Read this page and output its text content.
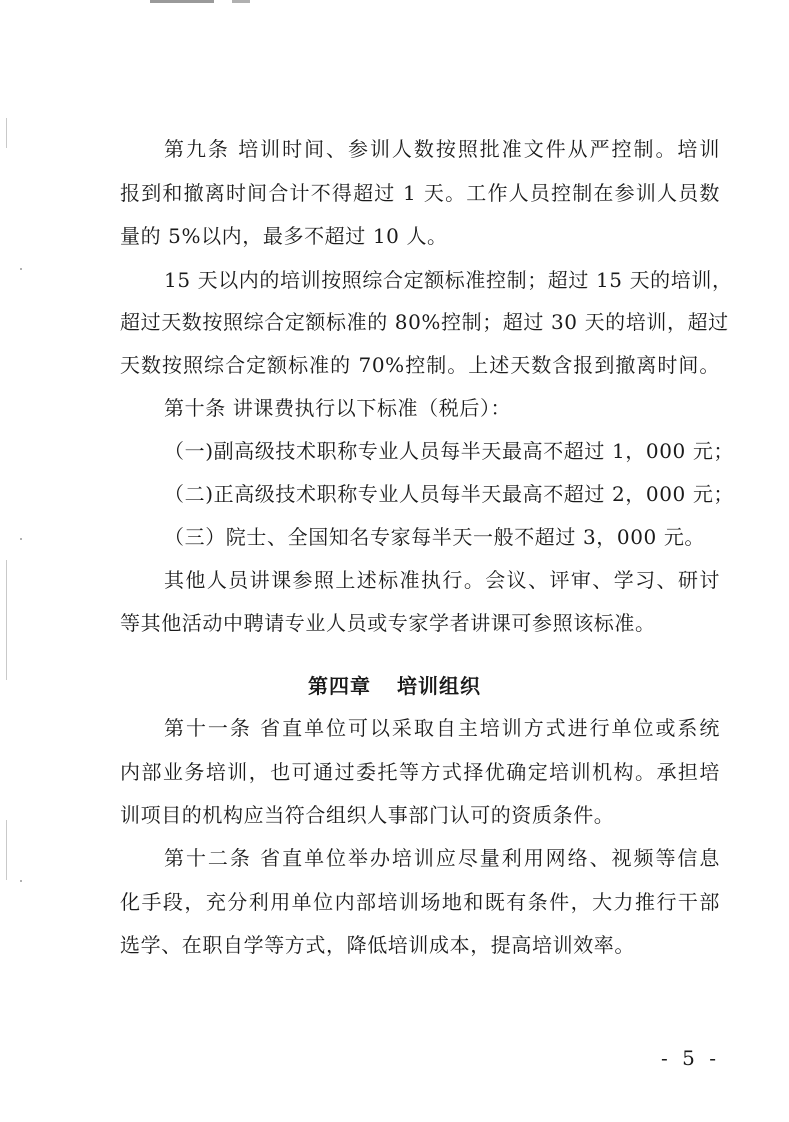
第九条 培训时间、参训人数按照批准文件从严控制。培训
报到和撤离时间合计不得超过 1 天。工作人员控制在参训人员数
量的 5%以内，最多不超过 10 人。
15 天以内的培训按照综合定额标准控制；超过 15 天的培训，
超过天数按照综合定额标准的 80%控制；超过 30 天的培训，超过
天数按照综合定额标准的 70%控制。上述天数含报到撤离时间。
第十条 讲课费执行以下标准（税后）：
（一)副高级技术职称专业人员每半天最高不超过 1，000 元；
（二)正高级技术职称专业人员每半天最高不超过 2，000 元；
（三）院士、全国知名专家每半天一般不超过 3，000 元。
其他人员讲课参照上述标准执行。会议、评审、学习、研讨
等其他活动中聘请专业人员或专家学者讲课可参照该标准。
第四章 培训组织
第十一条 省直单位可以采取自主培训方式进行单位或系统
内部业务培训，也可通过委托等方式择优确定培训机构。承担培
训项目的机构应当符合组织人事部门认可的资质条件。
第十二条 省直单位举办培训应尽量利用网络、视频等信息
化手段，充分利用单位内部培训场地和既有条件，大力推行干部
选学、在职自学等方式，降低培训成本，提高培训效率。
- 5 -
